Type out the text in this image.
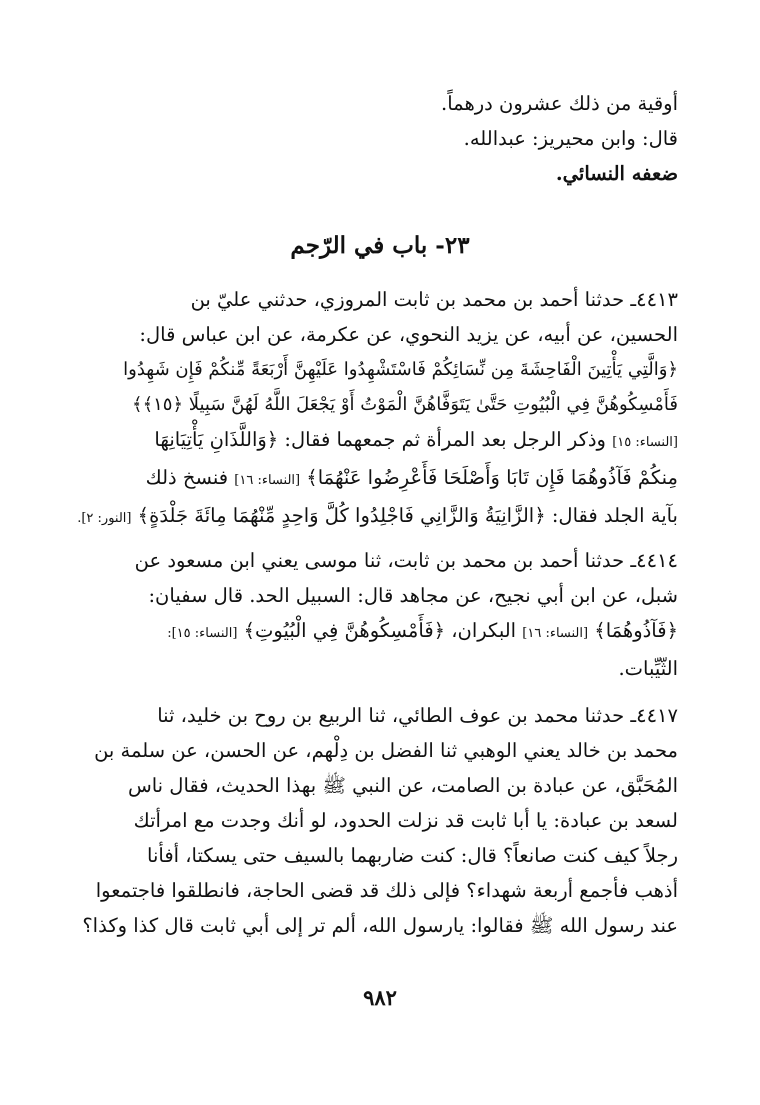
أوقية من ذلك عشرون درهماً.
قال: وابن محيريز: عبدالله.
ضعفه النسائي.
٢٣- باب في الرّجم
٤٤١٣ـ حدثنا أحمد بن محمد بن ثابت المروزي، حدثني عليّ بن
الحسين، عن أبيه، عن يزيد النحوي، عن عكرمة، عن ابن عباس قال:
﴿وَالَّتِي يَأْتِينَ الْفَاحِشَةَ مِن نِّسَائِكُمْ فَاسْتَشْهِدُوا عَلَيْهِنَّ أَرْبَعَةً مِّنكُمْ فَإِن شَهِدُوا
فَأَمْسِكُوهُنَّ فِي الْبُيُوتِ حَتَّىٰ يَتَوَفَّاهُنَّ الْمَوْتُ أَوْ يَجْعَلَ اللَّهُ لَهُنَّ سَبِيلًا ﴿١٥﴾﴾
[النساء: ١٥] وذكر الرجل بعد المرأة ثم جمعهما فقال: ﴿وَاللَّذَانِ يَأْتِيَانِهَا
مِنكُمْ فَآذُوهُمَا فَإِن تَابَا وَأَصْلَحَا فَأَعْرِضُوا عَنْهُمَا﴾ [النساء: ١٦] فنسخ ذلك
بآية الجلد فقال: ﴿الزَّانِيَةُ وَالزَّانِي فَاجْلِدُوا كُلَّ وَاحِدٍ مِّنْهُمَا مِائَةَ جَلْدَةٍ﴾ [النور: ٢].
٤٤١٤ـ حدثنا أحمد بن محمد بن ثابت، ثنا موسى يعني ابن مسعود عن
شبل، عن ابن أبي نجيح، عن مجاهد قال: السبيل الحد. قال سفيان:
﴿فَآذُوهُمَا﴾ [النساء: ١٦] البكران، ﴿فَأَمْسِكُوهُنَّ فِي الْبُيُوتِ﴾ [النساء: ١٥]:
الثّيِّبات.
٤٤١٧ـ حدثنا محمد بن عوف الطائي، ثنا الربيع بن روح بن خليد، ثنا
محمد بن خالد يعني الوهبي ثنا الفضل بن دِلْهم، عن الحسن، عن سلمة بن
المُحَبَّق، عن عبادة بن الصامت، عن النبي ﷺ بهذا الحديث، فقال ناس
لسعد بن عبادة: يا أبا ثابت قد نزلت الحدود، لو أنك وجدت مع امرأتك
رجلاً كيف كنت صانعاً؟ قال: كنت ضاربهما بالسيف حتى يسكتا، أفأنا
أذهب فأجمع أربعة شهداء؟ فإلى ذلك قد قضى الحاجة، فانطلقوا فاجتمعوا
عند رسول الله ﷺ فقالوا: يارسول الله، ألم تر إلى أبي ثابت قال كذا وكذا؟
٩٨٢
